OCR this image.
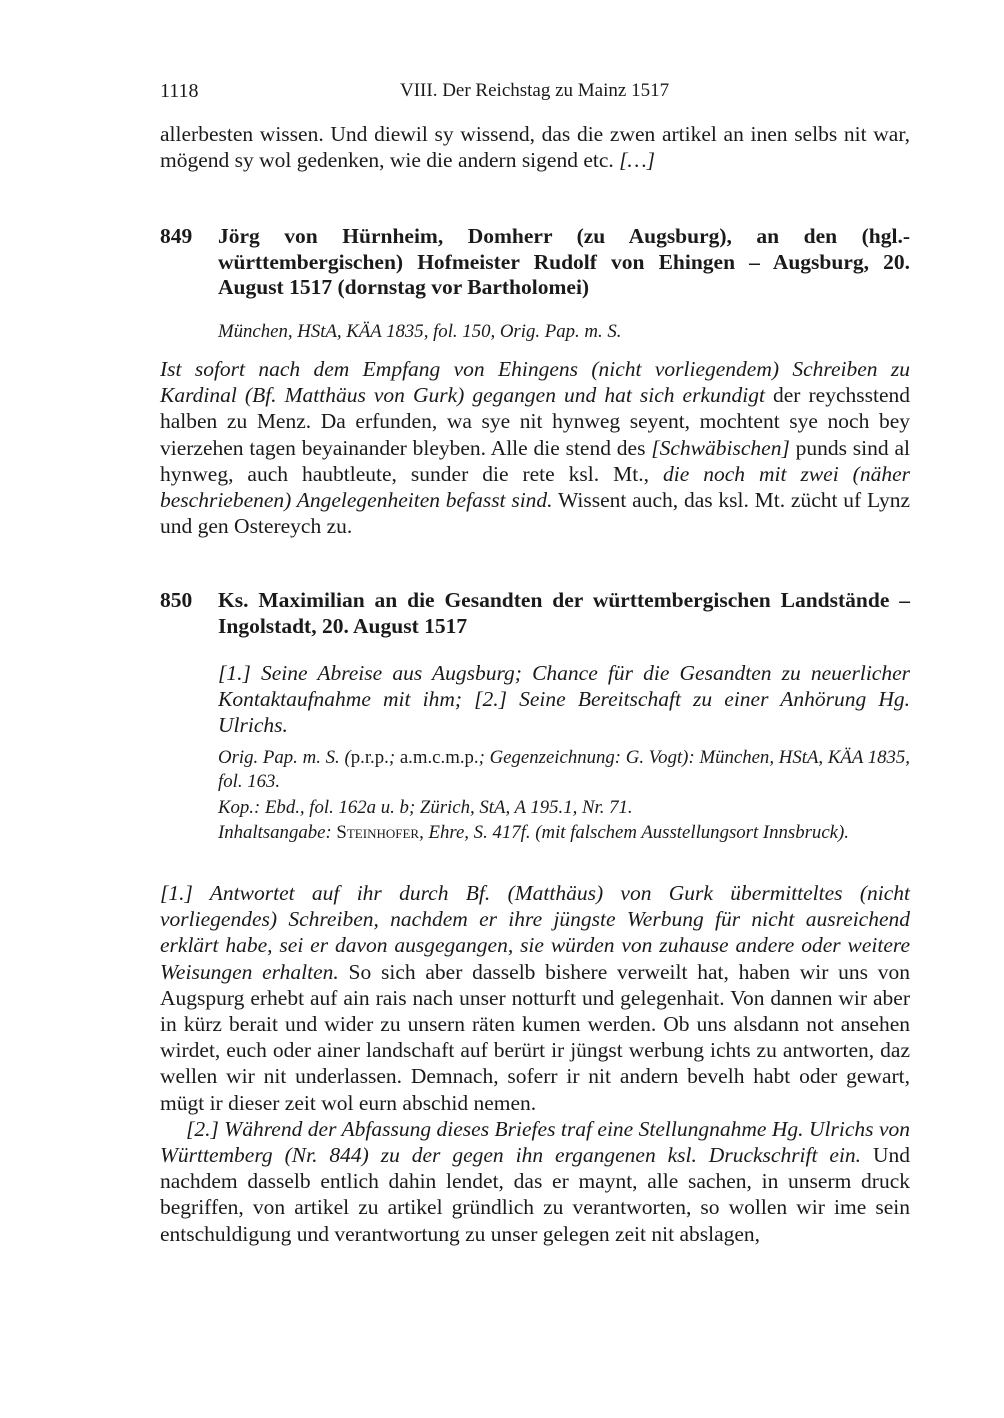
1118	VIII. Der Reichstag zu Mainz 1517

allerbesten wissen. Und diewil sy wissend, das die zwen artikel an inen selbs nit war, mögend sy wol gedenken, wie die andern sigend etc. […]

849 Jörg von Hürnheim, Domherr (zu Augsburg), an den (hgl.-württembergischen) Hofmeister Rudolf von Ehingen – Augsburg, 20. August 1517 (dornstag vor Bartholomei)
München, HStA, KÄA 1835, fol. 150, Orig. Pap. m. S.

Ist sofort nach dem Empfang von Ehingens (nicht vorliegendem) Schreiben zu Kardinal (Bf. Matthäus von Gurk) gegangen und hat sich erkundigt der reychsstend halben zu Menz. Da erfunden, wa sye nit hynweg seyent, mochtent sye noch bey vierzehen tagen beyainander bleyben. Alle die stend des [Schwäbischen] punds sind al hynweg, auch haubtleute, sunder die rete ksl. Mt., die noch mit zwei (näher beschriebenen) Angelegenheiten befasst sind. Wissent auch, das ksl. Mt. zücht uf Lynz und gen Ostereych zu.

850 Ks. Maximilian an die Gesandten der württembergischen Landstände – Ingolstadt, 20. August 1517
[1.] Seine Abreise aus Augsburg; Chance für die Gesandten zu neuerlicher Kontaktaufnahme mit ihm; [2.] Seine Bereitschaft zu einer Anhörung Hg. Ulrichs.
Orig. Pap. m. S. (p.r.p.; a.m.c.m.p.; Gegenzeichnung: G. Vogt): München, HStA, KÄA 1835, fol. 163.
Kop.: Ebd., fol. 162a u. b; Zürich, StA, A 195.1, Nr. 71.
Inhaltsangabe: Steinhofer, Ehre, S. 417f. (mit falschem Ausstellungsort Innsbruck).

[1.] Antwortet auf ihr durch Bf. (Matthäus) von Gurk übermitteltes (nicht vorliegendes) Schreiben, nachdem er ihre jüngste Werbung für nicht ausreichend erklärt habe, sei er davon ausgegangen, sie würden von zuhause andere oder weitere Weisungen erhalten. So sich aber dasselb bishere verweilt hat, haben wir uns von Augspurg erhebt auf ain rais nach unser notturft und gelegenhait. Von dannen wir aber in kürz berait und wider zu unsern räten kumen werden. Ob uns alsdann not ansehen wirdet, euch oder ainer landschaft auf berürt ir jüngst werbung ichts zu antworten, daz wellen wir nit underlassen. Demnach, soferr ir nit andern bevelh habt oder gewart, mügt ir dieser zeit wol eurn abschid nemen.

[2.] Während der Abfassung dieses Briefes traf eine Stellungnahme Hg. Ulrichs von Württemberg (Nr. 844) zu der gegen ihn ergangenen ksl. Druckschrift ein. Und nachdem dasselb entlich dahin lendet, das er maynt, alle sachen, in unserm druck begriffen, von artikel zu artikel gründlich zu verantworten, so wollen wir ime sein entschuldigung und verantwortung zu unser gelegen zeit nit abslagen,
